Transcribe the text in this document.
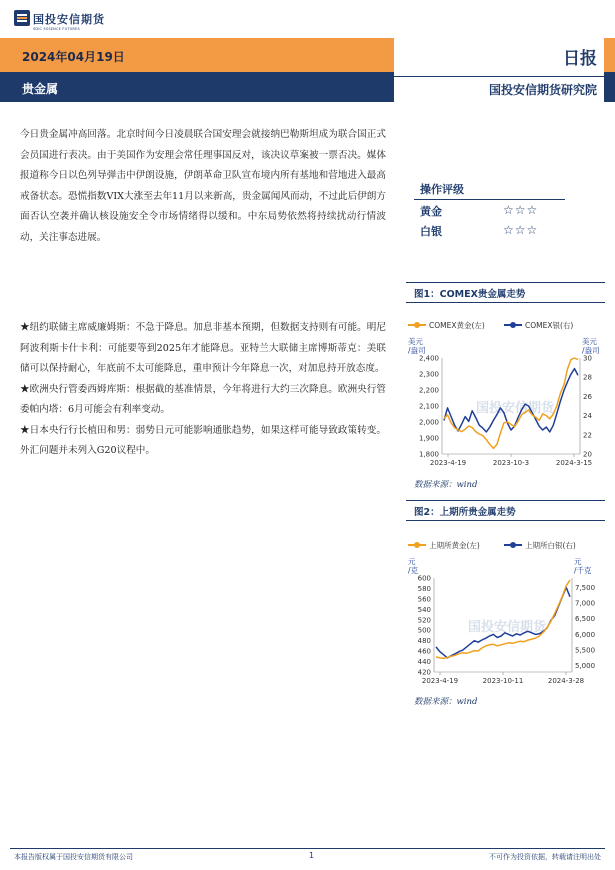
国投安信期货
SDIC ESSENCE FUTURES
2024年04月19日
贵金属
日报
国投安信期货研究院
今日贵金属冲高回落。北京时间今日凌晨联合国安理会就接纳巴勒斯坦成为联合国正式会员国进行表决。由于美国作为安理会常任理事国反对，该决议草案被一票否决。媒体报道称今日以色列导弹击中伊朗设施，伊朗革命卫队宣布境内所有基地和营地进入最高戒备状态。恐慌指数VIX大涨至去年11月以来新高，贵金属闻风而动，不过此后伊朗方面否认空袭并确认核设施安全令市场情绪得以缓和。中东局势依然将持续扰动行情波动，关注事态进展。
★纽约联储主席威廉姆斯：不急于降息。加息非基本预期，但数据支持则有可能。明尼阿波利斯卡什卡利：可能要等到2025年才能降息。亚特兰大联储主席博斯蒂克：美联储可以保持耐心，年底前不太可能降息，重申预计今年降息一次，对加息持开放态度。
★欧洲央行管委西姆库斯：根据截的基准情景，今年将进行大约三次降息。欧洲央行管委帕内塔：6月可能会有利率变动。
★日本央行行长植田和男：弱势日元可能影响通胀趋势，如果这样可能导致政策转变。外汇问题并未列入G20议程中。
操作评级
黄金	☆☆☆
白银	☆☆☆
图1：COMEX贵金属走势
国投安信期货
COMEX黄金(左)	COMEX银(右)
美元
/盎司
美元
/盎司
1,800
1,900
2,000
2,100
2,200
2,300
2,400
20
22
24
26
28
30
2023-4-19	2023-10-3	2024-3-15
数据来源：wind
图2：上期所贵金属走势
国投安信期货
上期所黄金(左)	上期所白银(右)
元
/克
元
/千克
420
440
460
480
500
520
540
560
580
600
5,000
5,500
6,000
6,500
7,000
7,500
2023-4-19	2023-10-11	2024-3-28
数据来源：wind
本报告版权属于国投安信期货有限公司	1	不可作为投资依据，转载请注明出处
